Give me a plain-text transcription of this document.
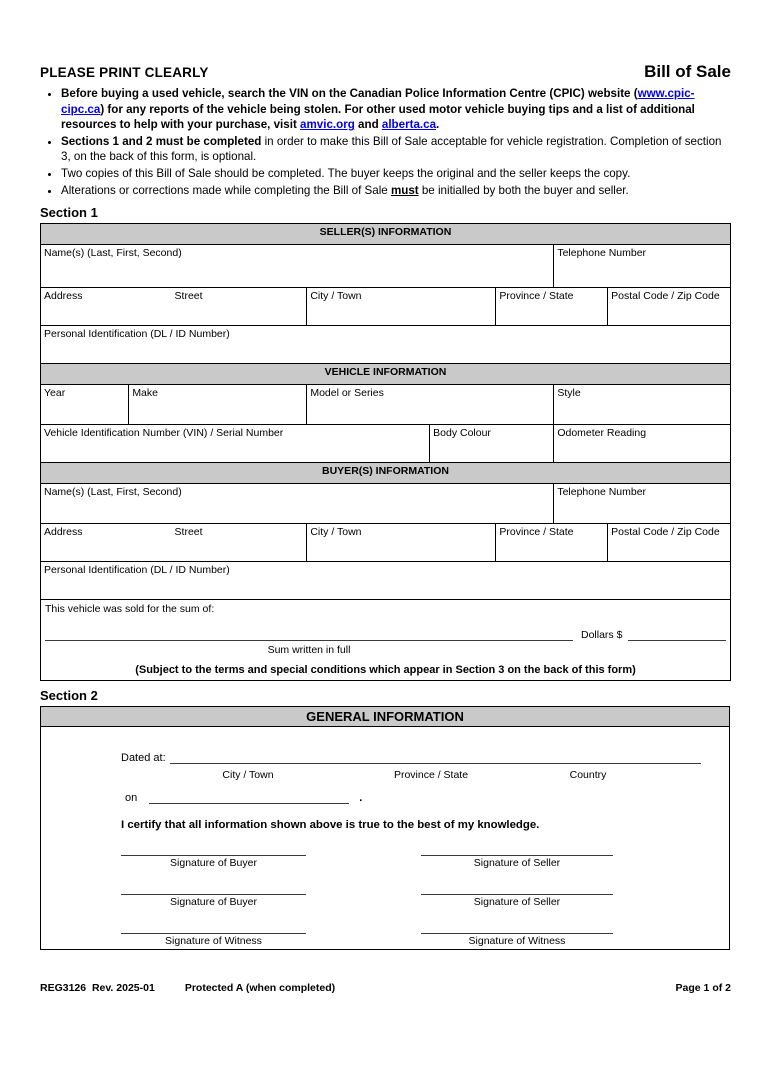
PLEASE PRINT CLEARLY	Bill of Sale
• Before buying a used vehicle, search the VIN on the Canadian Police Information Centre (CPIC) website (www.cpic-cipc.ca) for any reports of the vehicle being stolen. For other used motor vehicle buying tips and a list of additional resources to help with your purchase, visit amvic.org and alberta.ca.
• Sections 1 and 2 must be completed in order to make this Bill of Sale acceptable for vehicle registration. Completion of section 3, on the back of this form, is optional.
• Two copies of this Bill of Sale should be completed. The buyer keeps the original and the seller keeps the copy.
• Alterations or corrections made while completing the Bill of Sale must be initialled by both the buyer and seller.
Section 1
SELLER(S) INFORMATION						
Name(s) (Last, First, Second)					Telephone Number	
Address Street		City / Town		Province / State		Postal Code / Zip Code
Personal Identification (DL / ID Number)						
VEHICLE INFORMATION						
Year	Make	Model or Series			Style	
Vehicle Identification Number (VIN) / Serial Number			Body Colour		Odometer Reading	
BUYER(S) INFORMATION						
Name(s) (Last, First, Second)					Telephone Number	
Address Street		City / Town		Province / State		Postal Code / Zip Code
Personal Identification (DL / ID Number)						

This vehicle was sold for the sum of:
Dollars $
Sum written in full
(Subject to the terms and special conditions which appear in Section 3 on the back of this form)						
Section 2
GENERAL INFORMATION
Dated at:
City / Town	Province / State	Country
on	.
I certify that all information shown above is true to the best of my knowledge.
Signature of Buyer	Signature of Seller
Signature of Buyer	Signature of Seller
Signature of Witness	Signature of Witness
REG3126  Rev. 2025-01	Protected A (when completed)	Page 1 of 2
